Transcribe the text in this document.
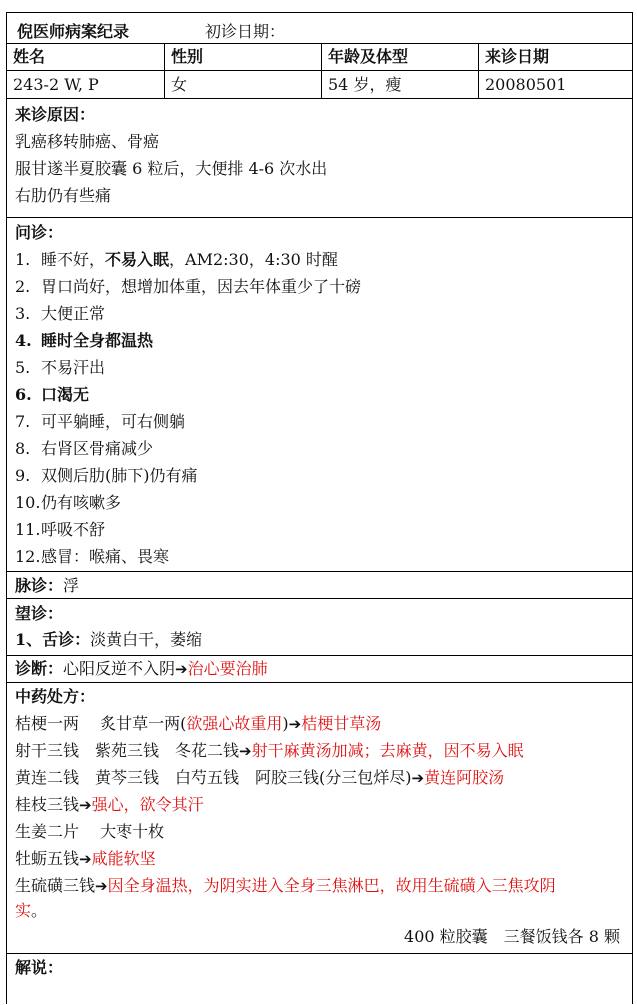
倪医师病案纪录	初诊日期：
姓名	性别	年龄及体型	来诊日期
243-2 W, P	女	54 岁，瘦	20080501
来诊原因：
乳癌移转肺癌、骨癌
服甘遂半夏胶囊 6 粒后，大便排 4-6 次水出
右肋仍有些痛
问诊：
1. 睡不好，不易入眠，AM2:30，4:30 时醒
2. 胃口尚好，想增加体重，因去年体重少了十磅
3. 大便正常
4. 睡时全身都温热
5. 不易汗出
6. 口渴无
7. 可平躺睡，可右侧躺
8. 右肾区骨痛减少
9. 双侧后肋(肺下)仍有痛
10.仍有咳嗽多
11.呼吸不舒
12.感冒：喉痛、畏寒
脉诊：浮
望诊：
1、舌诊：淡黄白干，萎缩
诊断：心阳反逆不入阴➔治心要治肺
中药处方：
桔梗一两　 炙甘草一两(欲强心故重用)➔桔梗甘草汤
射干三钱　紫苑三钱　冬花二钱➔射干麻黄汤加减；去麻黄，因不易入眠
黄连二钱　黄芩三钱　白芍五钱　阿胶三钱(分三包烊尽)➔黄连阿胶汤
桂枝三钱➔强心，欲令其汗
生姜二片　 大枣十枚
牡蛎五钱➔咸能软坚
生硫磺三钱➔因全身温热，为阴实进入全身三焦淋巴，故用生硫磺入三焦攻阴
实。
400 粒胶囊　三餐饭钱各 8 颗
解说：
